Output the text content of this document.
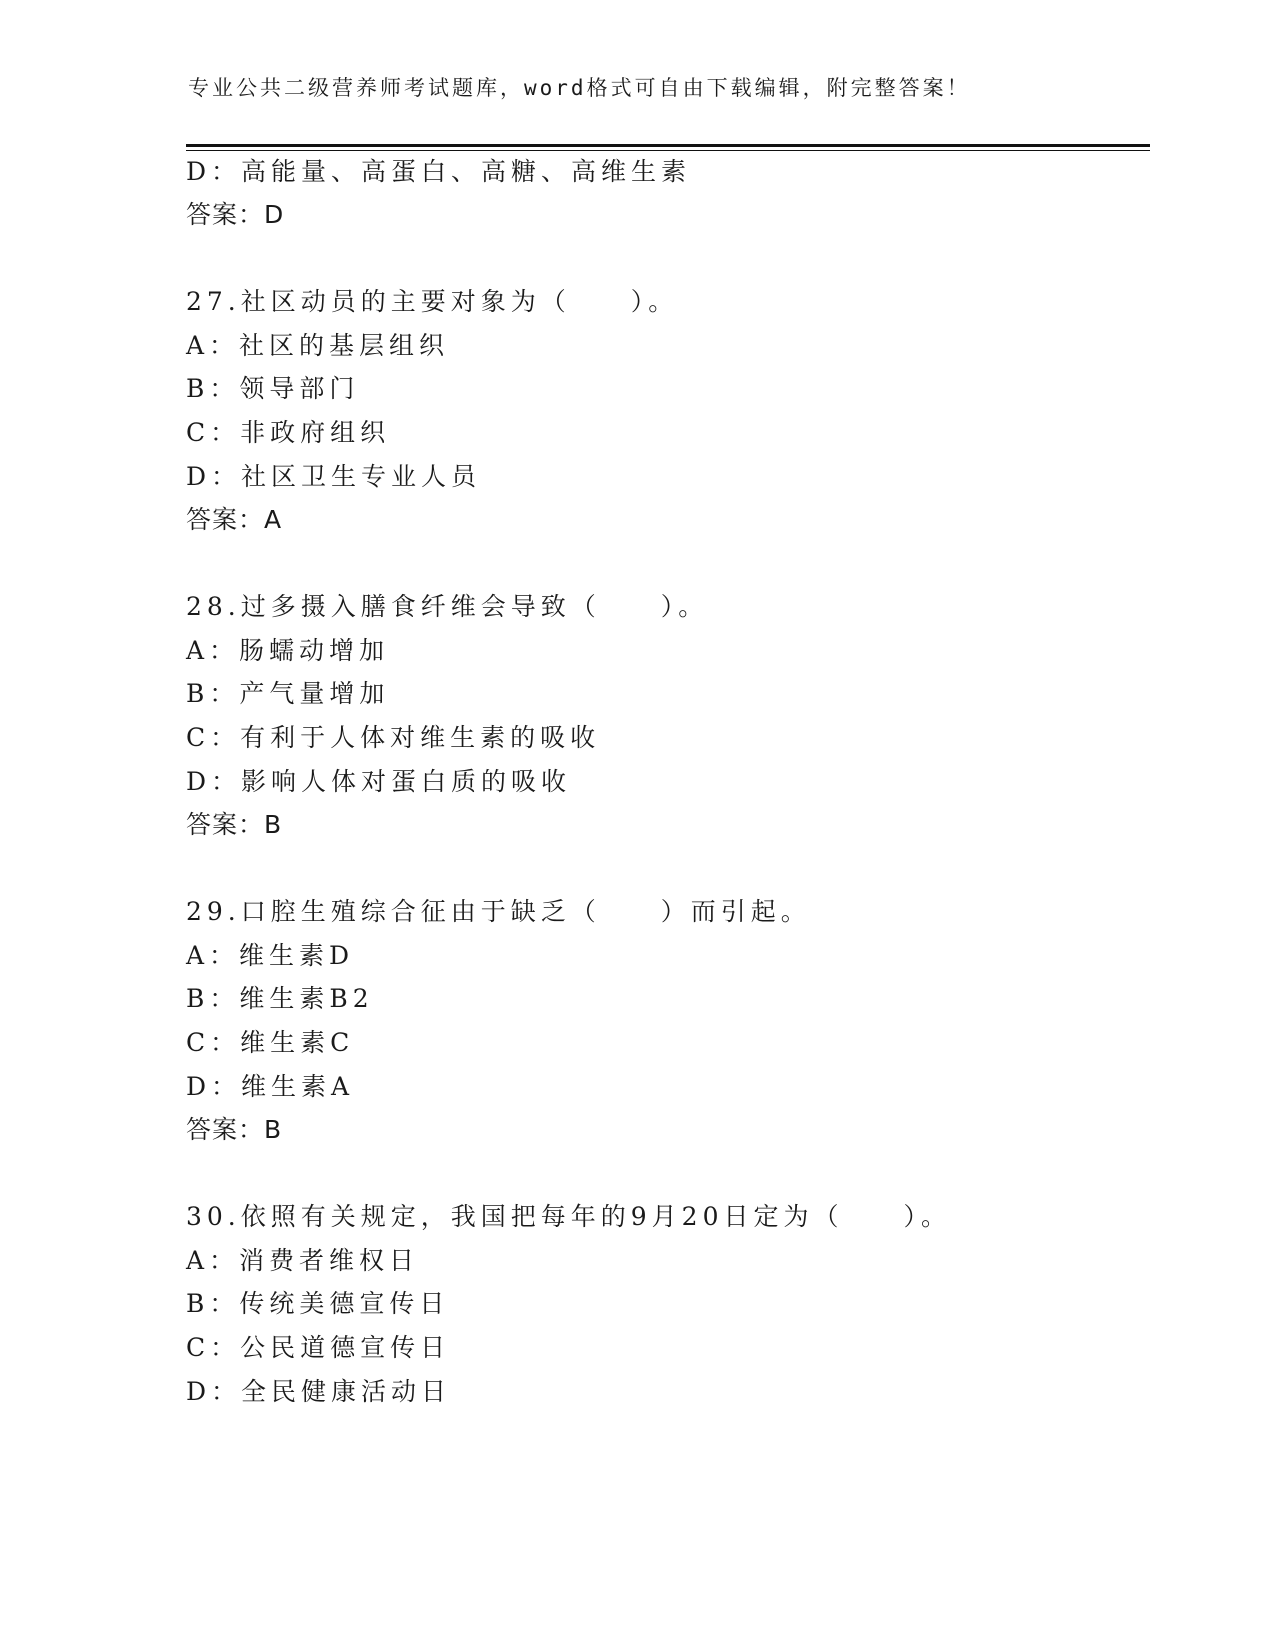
专业公共二级营养师考试题库，word格式可自由下载编辑，附完整答案！
D：高能量、高蛋白、高糖、高维生素
答案：D
27.社区动员的主要对象为（　　）。
A：社区的基层组织
B：领导部门
C：非政府组织
D：社区卫生专业人员
答案：A
28.过多摄入膳食纤维会导致（　　）。
A：肠蠕动增加
B：产气量增加
C：有利于人体对维生素的吸收
D：影响人体对蛋白质的吸收
答案：B
29.口腔生殖综合征由于缺乏（　　）而引起。
A：维生素D
B：维生素B2
C：维生素C
D：维生素A
答案：B
30.依照有关规定，我国把每年的9月20日定为（　　）。
A：消费者维权日
B：传统美德宣传日
C：公民道德宣传日
D：全民健康活动日
